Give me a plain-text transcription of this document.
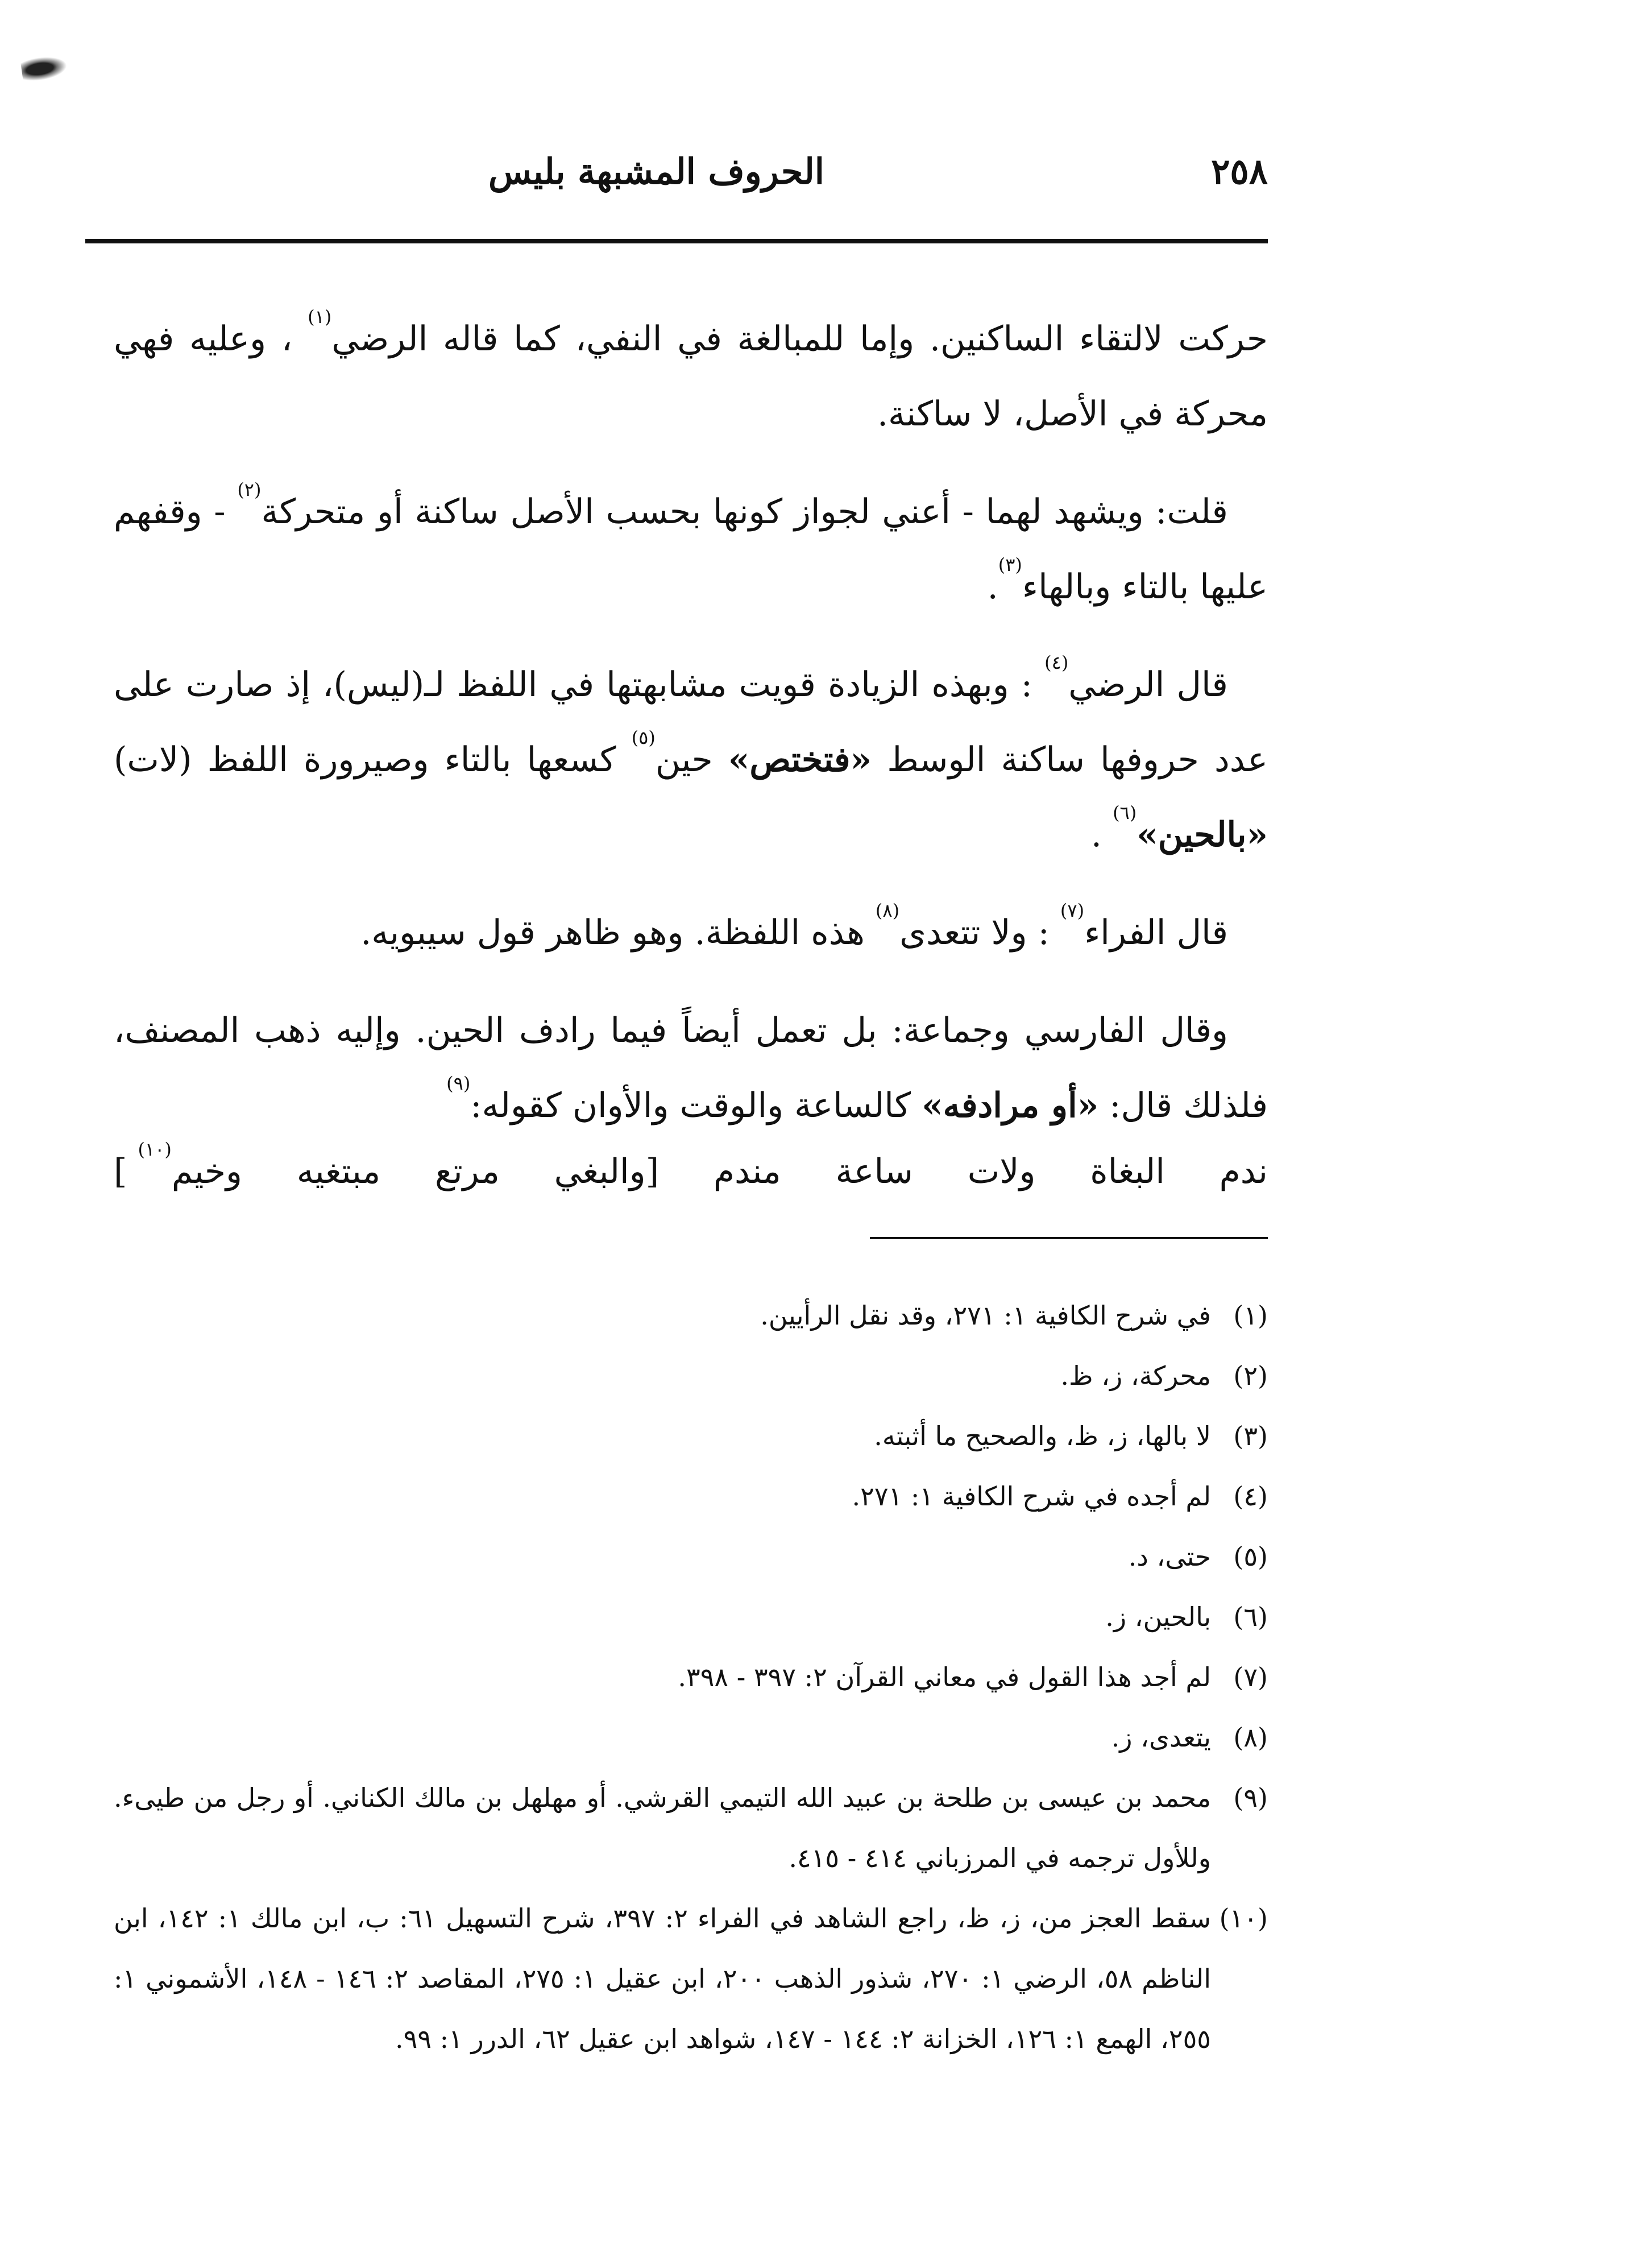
٢٥٨
الحروف المشبهة بليس

حركت لالتقاء الساكنين. وإما للمبالغة في النفي، كما قاله الرضي$^{(١)}$ ، وعليه فهي محركة في الأصل، لا ساكنة.

قلت: ويشهد لهما - أعني لجواز كونها بحسب الأصل ساكنة أو متحركة$^{(٢)}$ - وقفهم عليها بالتاء وبالهاء$^{(٣)}$.

قال الرضي$^{(٤)}$ : وبهذه الزيادة قويت مشابهتها في اللفظ لـ(ليس)، إذ صارت على عدد حروفها ساكنة الوسط «فتختص» حين$^{(٥)}$ كسعها بالتاء وصيرورة اللفظ (لات) «بالحين»$^{(٦)}$ .

قال الفراء$^{(٧)}$ : ولا تتعدى$^{(٨)}$ هذه اللفظة. وهو ظاهر قول سيبويه.

وقال الفارسي وجماعة: بل تعمل أيضاً فيما رادف الحين. وإليه ذهب المصنف، فلذلك قال: «أو مرادفه» كالساعة والوقت والأوان كقوله:$^{(٩)}$

ندم
البغاة
ولات
ساعة
مندم
[والبغي
مرتع
مبتغيه
وخيم$^{(١٠)}$ ]
(١)
في شرح الكافية ١: ٢٧١، وقد نقل الرأيين.
(٢)
محركة، ز، ظ.
(٣)
لا بالها، ز، ظ، والصحيح ما أثبته.
(٤)
لم أجده في شرح الكافية ١: ٢٧١.
(٥)
حتى، د.
(٦)
بالحين، ز.
(٧)
لم أجد هذا القول في معاني القرآن ٢: ٣٩٧ - ٣٩٨.
(٨)
يتعدى، ز.
(٩)
محمد بن عيسى بن طلحة بن عبيد الله التيمي القرشي. أو مهلهل بن مالك الكناني. أو رجل من طيىء. وللأول ترجمه في المرزباني ٤١٤ - ٤١٥.
(١٠)
سقط العجز من، ز، ظ، راجع الشاهد في الفراء ٢: ٣٩٧، شرح التسهيل ٦١: ب، ابن مالك ١: ١٤٢، ابن الناظم ٥٨، الرضي ١: ٢٧٠، شذور الذهب ٢٠٠، ابن عقيل ١: ٢٧٥، المقاصد ٢: ١٤٦ - ١٤٨، الأشموني ١: ٢٥٥، الهمع ١: ١٢٦، الخزانة ٢: ١٤٤ - ١٤٧، شواهد ابن عقيل ٦٢، الدرر ١: ٩٩.
